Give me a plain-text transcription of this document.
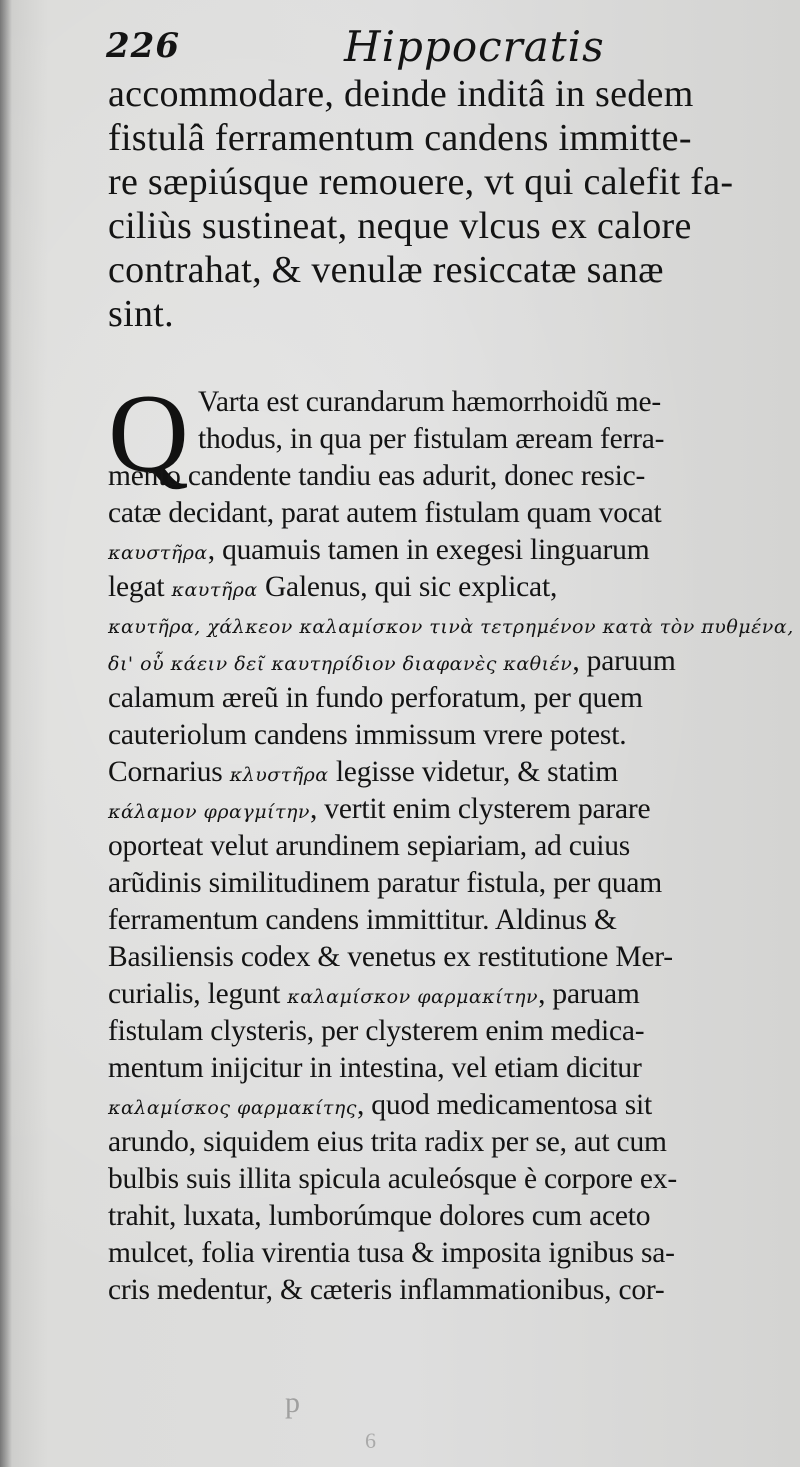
226	Hippocratis
accommodare, deinde inditâ in sedem
fistulâ ferramentum candens immitte-
re sæpiúsque remouere, vt qui calefit fa-
ciliùs sustineat, neque vlcus ex calore
contrahat, & venulæ resiccatæ sanæ
sint.
Q Varta est curandarum hæmorrhoidũ me-
thodus, in qua per fistulam æream ferra-
mento candente tandiu eas adurit, donec resic-
catæ decidant, parat autem fistulam quam vocat
καυστῆρα, quamuis tamen in exegesi linguarum
legat καυτῆρα Galenus, qui sic explicat,
καυτῆρα, χάλκεον καλαμίσκον τινὰ τετρημένον κατὰ τὸν πυθμένα,
δι' οὗ κάειν δεῖ καυτηρίδιον διαφανὲς καθιέν, paruum
calamum æreũ in fundo perforatum, per quem
cauteriolum candens immissum vrere potest.
Cornarius κλυστῆρα legisse videtur, & statim
κάλαμον φραγμίτην, vertit enim clysterem parare
oporteat velut arundinem sepiariam, ad cuius
arũdinis similitudinem paratur fistula, per quam
ferramentum candens immittitur. Aldinus &
Basiliensis codex & venetus ex restitutione Mer-
curialis, legunt καλαμίσκον φαρμακίτην, paruam
fistulam clysteris, per clysterem enim medica-
mentum inijcitur in intestina, vel etiam dicitur
καλαμίσκος φαρμακίτης, quod medicamentosa sit
arundo, siquidem eius trita radix per se, aut cum
bulbis suis illita spicula aculeósque è corpore ex-
trahit, luxata, lumborúmque dolores cum aceto
mulcet, folia virentia tusa & imposita ignibus sa-
cris medentur, & cæteris inflammationibus, cor-
p
6
